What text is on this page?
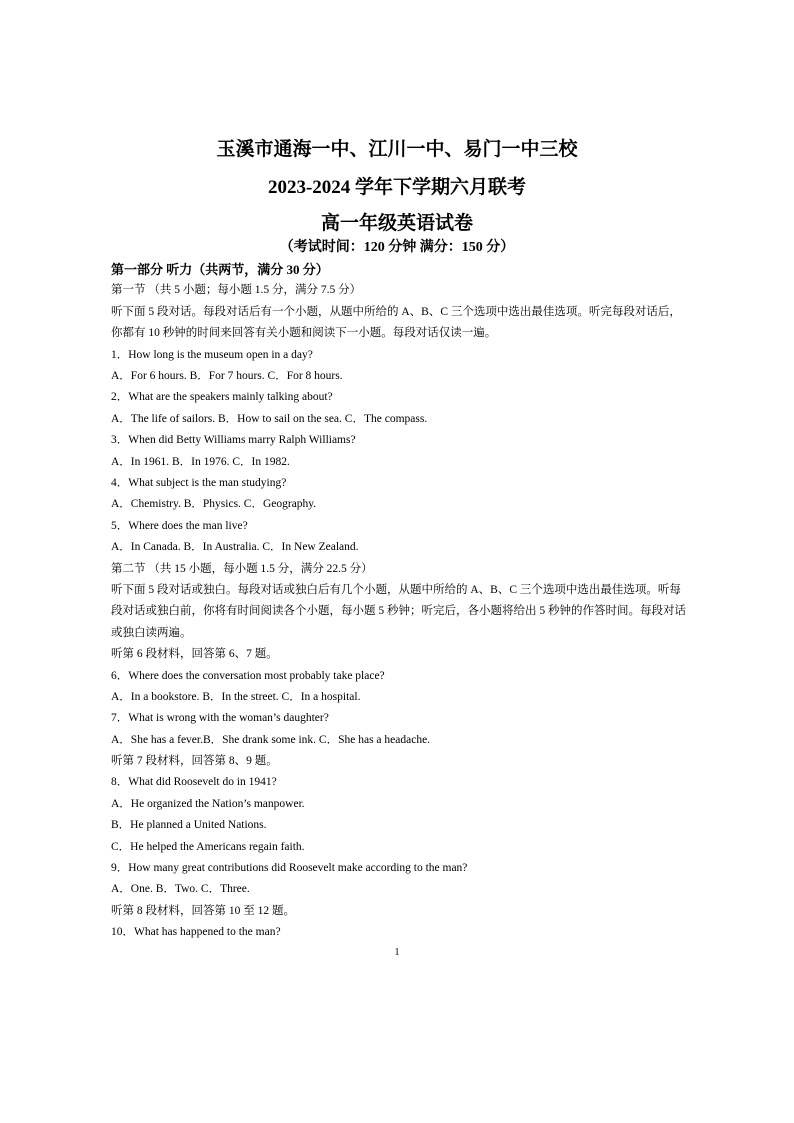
玉溪市通海一中、江川一中、易门一中三校
2023-2024 学年下学期六月联考
高一年级英语试卷
（考试时间：120 分钟 满分：150 分）
第一部分 听力（共两节，满分 30 分）
第一节 （共 5 小题；每小题 1.5 分，满分 7.5 分）
听下面 5 段对话。每段对话后有一个小题，从题中所给的 A、B、C 三个选项中选出最佳选项。听完每段对话后，你都有 10 秒钟的时间来回答有关小题和阅读下一小题。每段对话仅读一遍。
1．How long is the museum open in a day?
A．For 6 hours. B．For 7 hours. C．For 8 hours.
2．What are the speakers mainly talking about?
A．The life of sailors. B．How to sail on the sea. C．The compass.
3．When did Betty Williams marry Ralph Williams?
A．In 1961. B．In 1976. C．In 1982.
4．What subject is the man studying?
A．Chemistry. B．Physics. C．Geography.
5．Where does the man live?
A．In Canada. B．In Australia. C．In New Zealand.
第二节 （共 15 小题，每小题 1.5 分，满分 22.5 分）
听下面 5 段对话或独白。每段对话或独白后有几个小题，从题中所给的 A、B、C 三个选项中选出最佳选项。听每段对话或独白前，你将有时间阅读各个小题，每小题 5 秒钟；听完后，各小题将给出 5 秒钟的作答时间。每段对话或独白读两遍。
听第 6 段材料，回答第 6、7 题。
6．Where does the conversation most probably take place?
A．In a bookstore. B．In the street. C．In a hospital.
7．What is wrong with the woman’s daughter?
A．She has a fever.B．She drank some ink. C．She has a headache.
听第 7 段材料，回答第 8、9 题。
8．What did Roosevelt do in 1941?
A．He organized the Nation’s manpower.
B．He planned a United Nations.
C．He helped the Americans regain faith.
9．How many great contributions did Roosevelt make according to the man?
A．One. B．Two. C．Three.
听第 8 段材料，回答第 10 至 12 题。
10．What has happened to the man?
1
